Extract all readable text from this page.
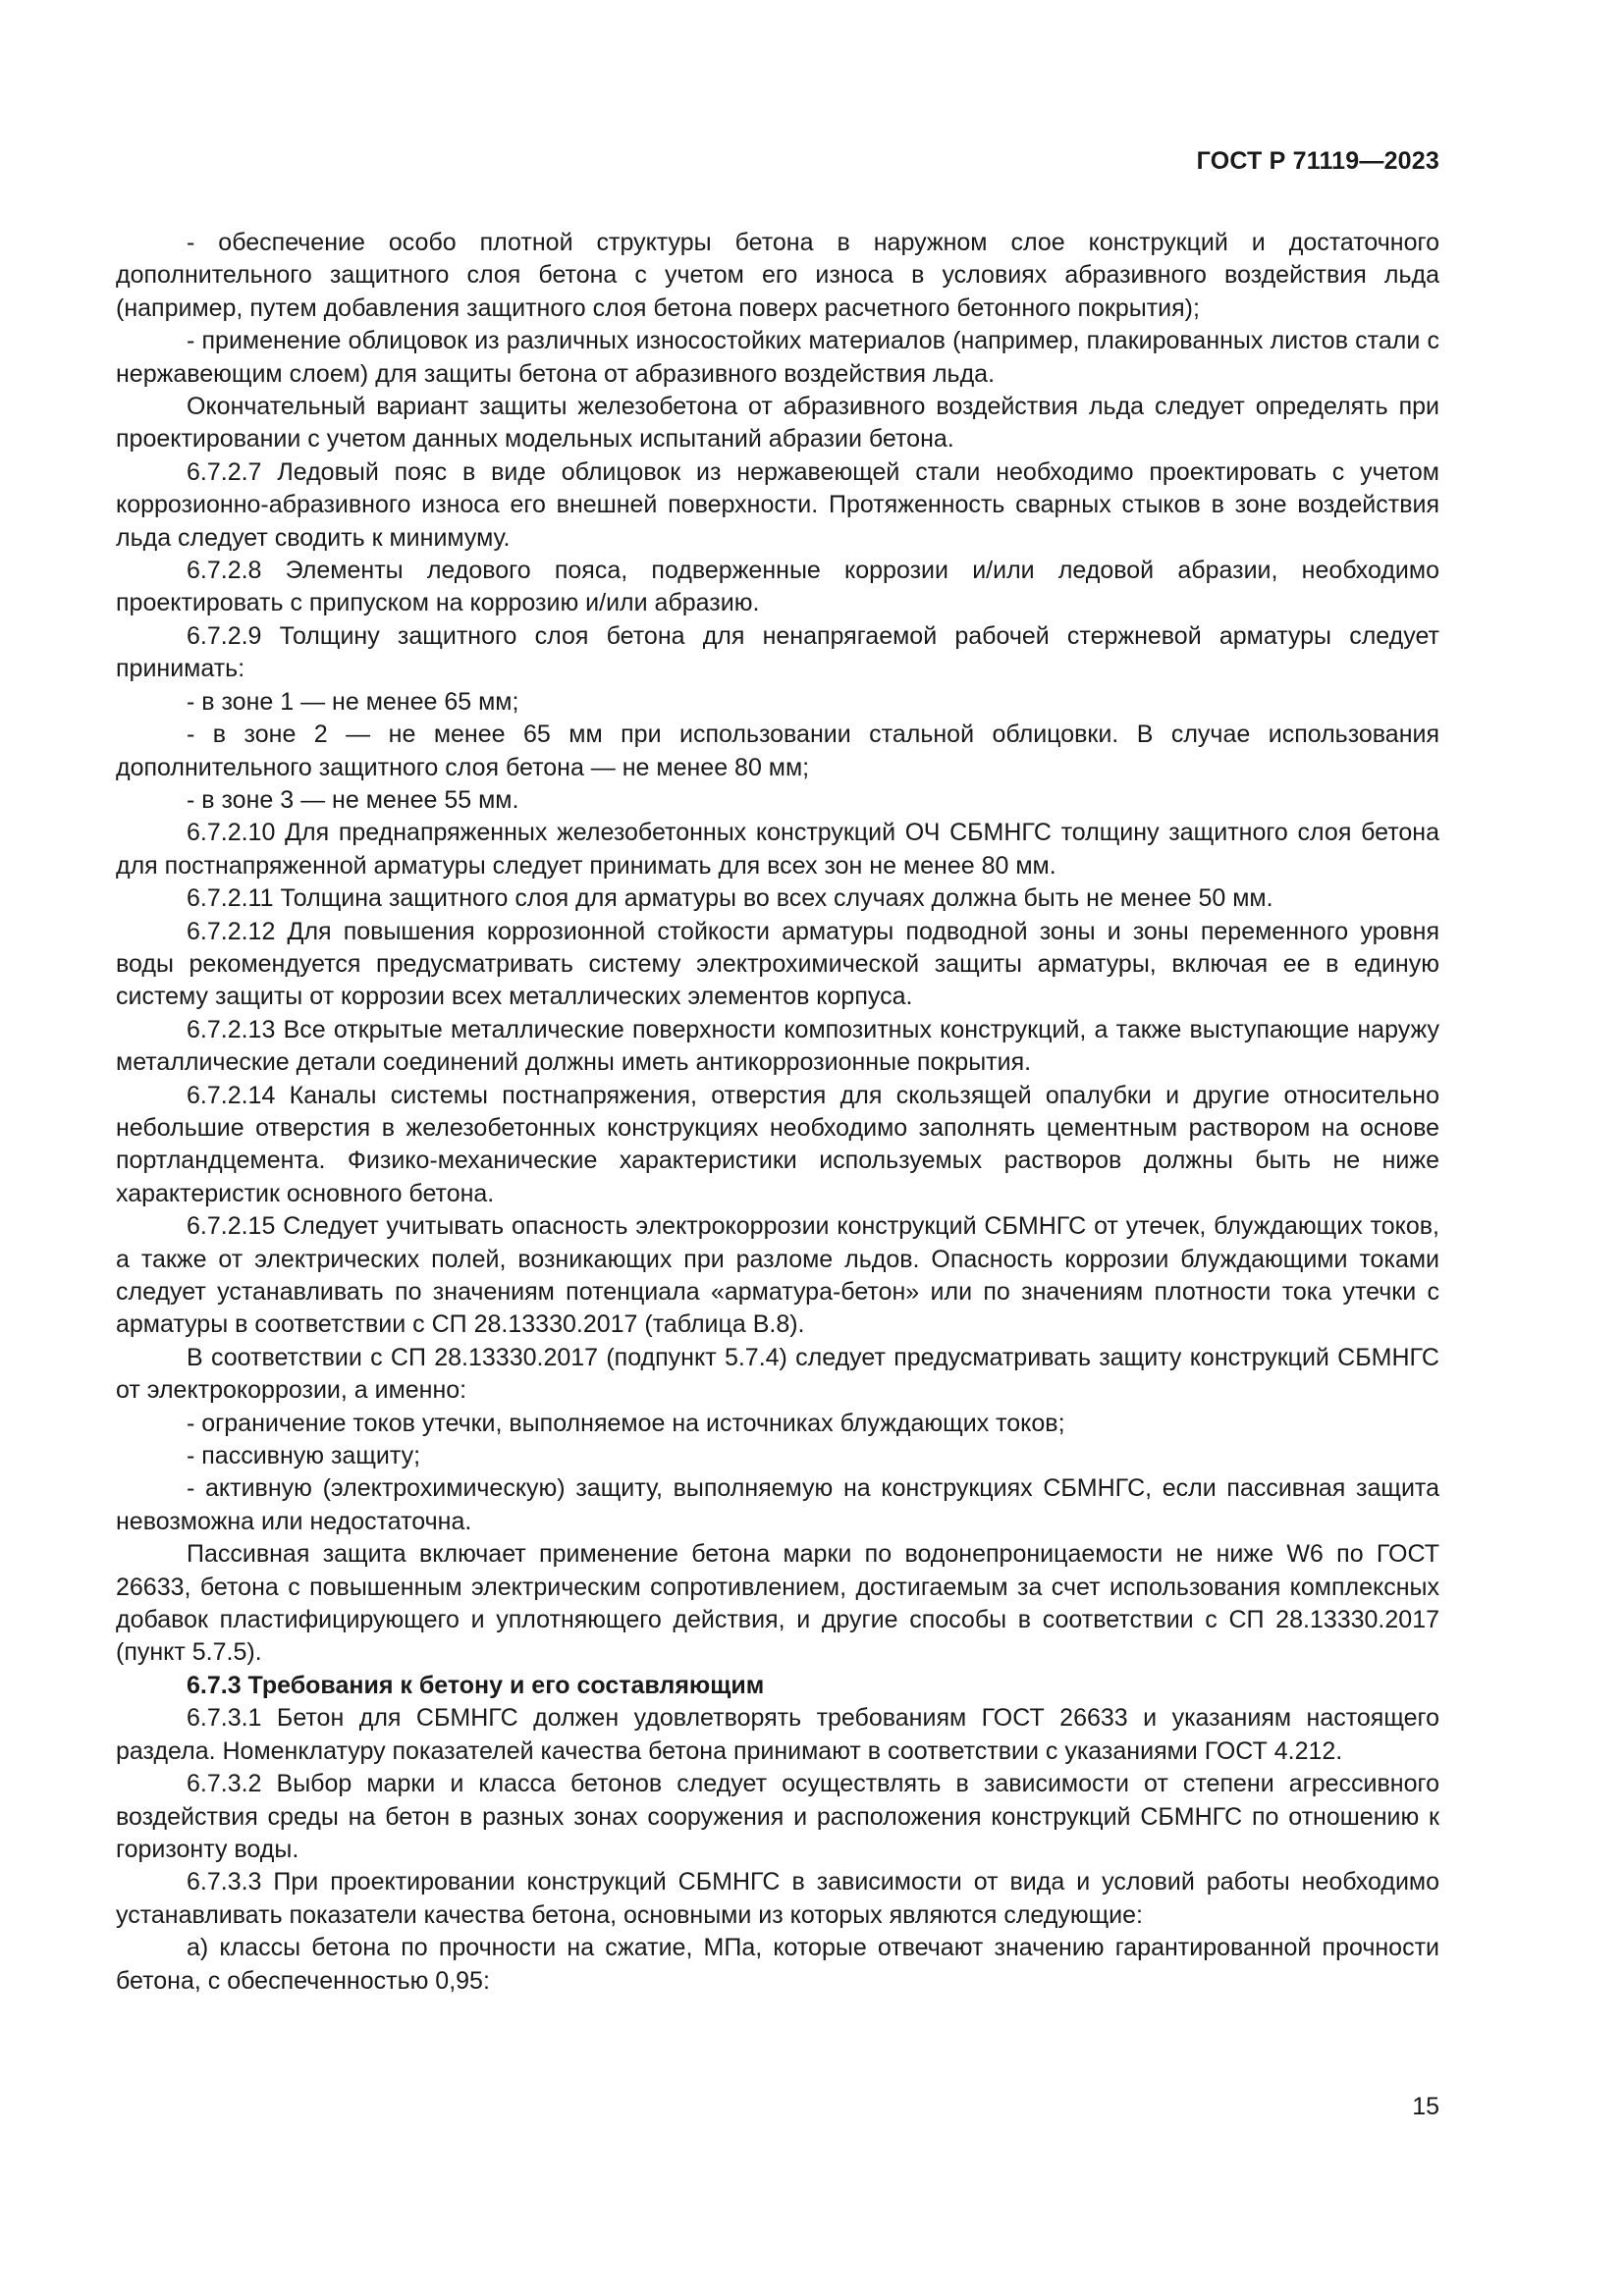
ГОСТ Р 71119—2023

- обеспечение особо плотной структуры бетона в наружном слое конструкций и достаточного дополнительного защитного слоя бетона с учетом его износа в условиях абразивного воздействия льда (например, путем добавления защитного слоя бетона поверх расчетного бетонного покрытия);

- применение облицовок из различных износостойких материалов (например, плакированных листов стали с нержавеющим слоем) для защиты бетона от абразивного воздействия льда.

Окончательный вариант защиты железобетона от абразивного воздействия льда следует определять при проектировании с учетом данных модельных испытаний абразии бетона.

6.7.2.7 Ледовый пояс в виде облицовок из нержавеющей стали необходимо проектировать с учетом коррозионно-абразивного износа его внешней поверхности. Протяженность сварных стыков в зоне воздействия льда следует сводить к минимуму.

6.7.2.8 Элементы ледового пояса, подверженные коррозии и/или ледовой абразии, необходимо проектировать с припуском на коррозию и/или абразию.

6.7.2.9 Толщину защитного слоя бетона для ненапрягаемой рабочей стержневой арматуры следует принимать:

- в зоне 1 — не менее 65 мм;

- в зоне 2 — не менее 65 мм при использовании стальной облицовки. В случае использования дополнительного защитного слоя бетона — не менее 80 мм;

- в зоне 3 — не менее 55 мм.

6.7.2.10 Для преднапряженных железобетонных конструкций ОЧ СБМНГС толщину защитного слоя бетона для постнапряженной арматуры следует принимать для всех зон не менее 80 мм.

6.7.2.11 Толщина защитного слоя для арматуры во всех случаях должна быть не менее 50 мм.

6.7.2.12 Для повышения коррозионной стойкости арматуры подводной зоны и зоны переменного уровня воды рекомендуется предусматривать систему электрохимической защиты арматуры, включая ее в единую систему защиты от коррозии всех металлических элементов корпуса.

6.7.2.13 Все открытые металлические поверхности композитных конструкций, а также выступающие наружу металлические детали соединений должны иметь антикоррозионные покрытия.

6.7.2.14 Каналы системы постнапряжения, отверстия для скользящей опалубки и другие относительно небольшие отверстия в железобетонных конструкциях необходимо заполнять цементным раствором на основе портландцемента. Физико-механические характеристики используемых растворов должны быть не ниже характеристик основного бетона.

6.7.2.15 Следует учитывать опасность электрокоррозии конструкций СБМНГС от утечек, блуждающих токов, а также от электрических полей, возникающих при разломе льдов. Опасность коррозии блуждающими токами следует устанавливать по значениям потенциала «арматура-бетон» или по значениям плотности тока утечки с арматуры в соответствии с СП 28.13330.2017 (таблица В.8).

В соответствии с СП 28.13330.2017 (подпункт 5.7.4) следует предусматривать защиту конструкций СБМНГС от электрокоррозии, а именно:

- ограничение токов утечки, выполняемое на источниках блуждающих токов;

- пассивную защиту;

- активную (электрохимическую) защиту, выполняемую на конструкциях СБМНГС, если пассивная защита невозможна или недостаточна.

Пассивная защита включает применение бетона марки по водонепроницаемости не ниже W6 по ГОСТ 26633, бетона с повышенным электрическим сопротивлением, достигаемым за счет использования комплексных добавок пластифицирующего и уплотняющего действия, и другие способы в соответствии с СП 28.13330.2017 (пункт 5.7.5).

6.7.3 Требования к бетону и его составляющим

6.7.3.1 Бетон для СБМНГС должен удовлетворять требованиям ГОСТ 26633 и указаниям настоящего раздела. Номенклатуру показателей качества бетона принимают в соответствии с указаниями ГОСТ 4.212.

6.7.3.2 Выбор марки и класса бетонов следует осуществлять в зависимости от степени агрессивного воздействия среды на бетон в разных зонах сооружения и расположения конструкций СБМНГС по отношению к горизонту воды.

6.7.3.3 При проектировании конструкций СБМНГС в зависимости от вида и условий работы необходимо устанавливать показатели качества бетона, основными из которых являются следующие:

а) классы бетона по прочности на сжатие, МПа, которые отвечают значению гарантированной прочности бетона, с обеспеченностью 0,95:

15
